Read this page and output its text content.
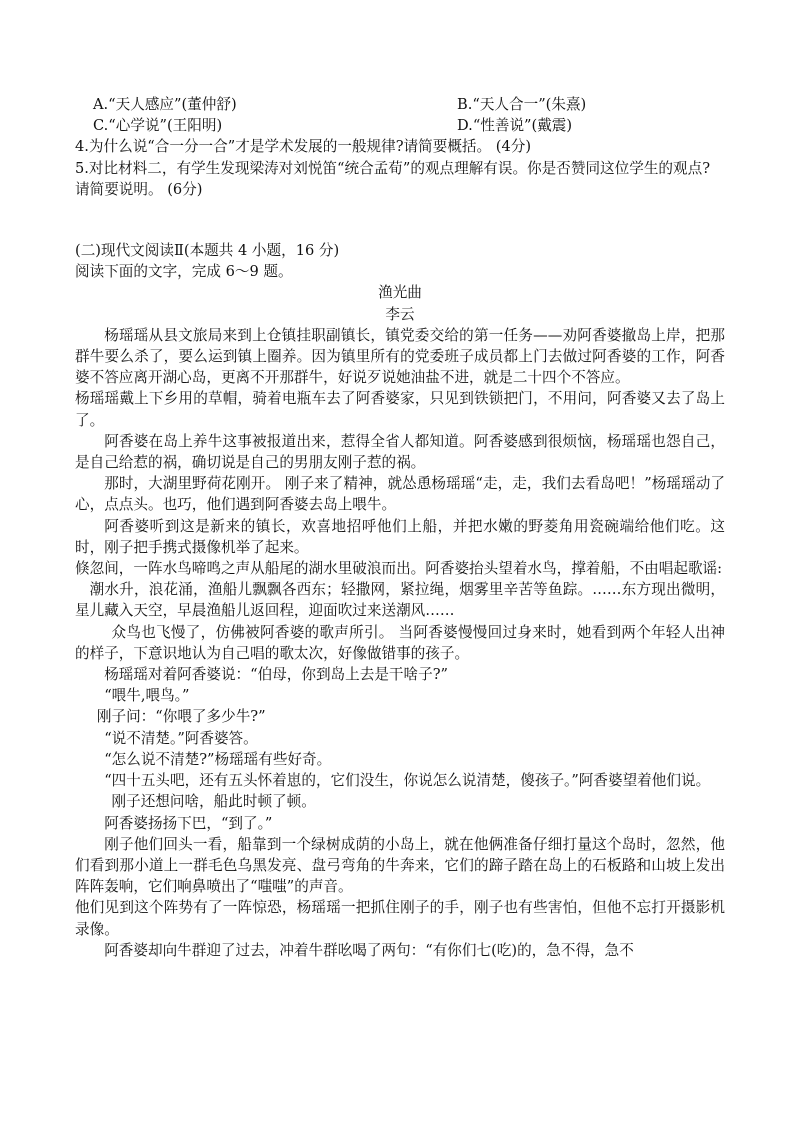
A.“天人感应”(董仲舒)	B.“天人合一”(朱熹)

C.“心学说”(王阳明)	D.“性善说”(戴震)

4.为什么说“合一分一合”才是学术发展的一般规律?请简要概括。 (4分)

5.对比材料二，有学生发现梁涛对刘悦笛“统合孟荀”的观点理解有误。你是否赞同这位学生的观点? 请简要说明。 (6分)

(二)现代文阅读Ⅱ(本题共 4 小题，16 分)

阅读下面的文字，完成 6～9 题。

渔光曲

李云

杨瑶瑶从县文旅局来到上仓镇挂职副镇长，镇党委交给的第一任务——劝阿香婆撤岛上岸，把那群牛要么杀了，要么运到镇上圈养。因为镇里所有的党委班子成员都上门去做过阿香婆的工作，阿香婆不答应离开湖心岛，更离不开那群牛，好说歹说她油盐不进，就是二十四个不答应。

杨瑶瑶戴上下乡用的草帽，骑着电瓶车去了阿香婆家，只见到铁锁把门，不用问，阿香婆又去了岛上了。

阿香婆在岛上养牛这事被报道出来，惹得全省人都知道。阿香婆感到很烦恼，杨瑶瑶也怨自己，是自己给惹的祸，确切说是自己的男朋友刚子惹的祸。

那时，大湖里野荷花刚开。 刚子来了精神，就怂恿杨瑶瑶“走，走，我们去看岛吧！”杨瑶瑶动了心，点点头。也巧，他们遇到阿香婆去岛上喂牛。

阿香婆听到这是新来的镇长，欢喜地招呼他们上船，并把水嫩的野菱角用瓷碗端给他们吃。这时，刚子把手携式摄像机举了起来。

倏忽间，一阵水鸟啼鸣之声从船尾的湖水里破浪而出。阿香婆抬头望着水鸟，撑着船，不由唱起歌谣:

潮水升，浪花涌，渔船儿飘飘各西东；轻撒网，紧拉绳，烟雾里辛苦等鱼踪。……东方现出微明，星儿藏入天空，早晨渔船儿返回程，迎面吹过来送潮风……

众鸟也飞慢了，仿佛被阿香婆的歌声所引。 当阿香婆慢慢回过身来时，她看到两个年轻人出神的样子，下意识地认为自己唱的歌太次，好像做错事的孩子。

杨瑶瑶对着阿香婆说：“伯母，你到岛上去是干啥子?”

“喂牛,喂鸟。”

刚子问：“你喂了多少牛?”

“说不清楚。”阿香婆答。

“怎么说不清楚?”杨瑶瑶有些好奇。

“四十五头吧，还有五头怀着崽的，它们没生，你说怎么说清楚，傻孩子。”阿香婆望着他们说。

刚子还想问啥，船此时顿了顿。

阿香婆扬扬下巴，“到了。”

刚子他们回头一看，船靠到一个绿树成荫的小岛上，就在他俩准备仔细打量这个岛时，忽然，他们看到那小道上一群毛色乌黑发亮、盘弓弯角的牛奔来，它们的蹄子踏在岛上的石板路和山坡上发出阵阵轰响，它们响鼻喷出了“嗤嗤”的声音。

他们见到这个阵势有了一阵惊恐，杨瑶瑶一把抓住刚子的手，刚子也有些害怕，但他不忘打开摄影机录像。

阿香婆却向牛群迎了过去，冲着牛群吆喝了两句：“有你们七(吃)的，急不得，急不
